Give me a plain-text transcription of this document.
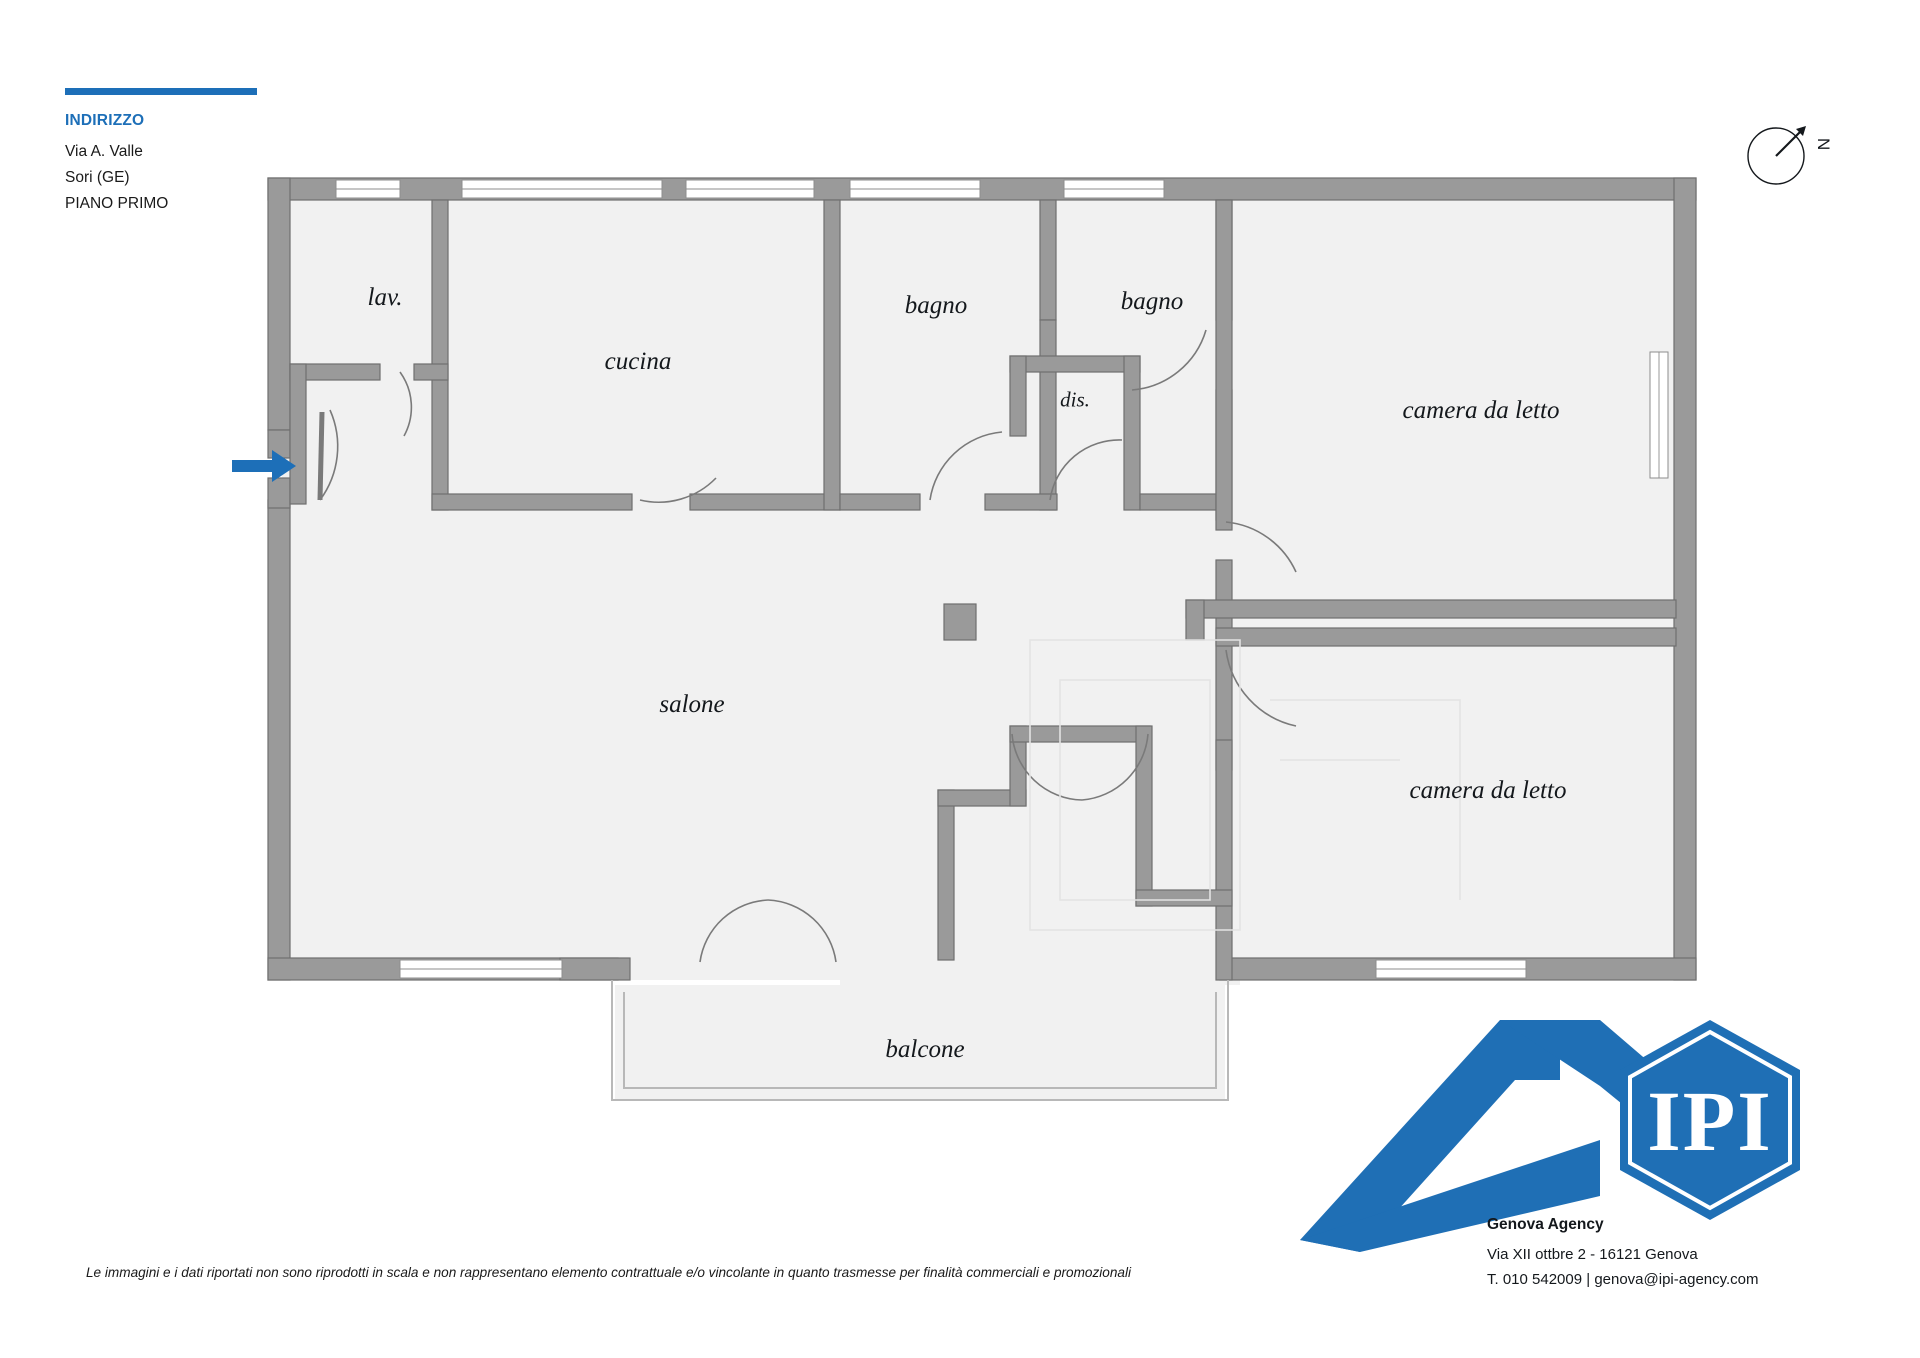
INDIRIZZO
Via A. Valle
Sori (GE)
PIANO PRIMO
N
lav.
cucina
bagno	bagno
dis.	camera da letto
camera da letto
salone
balcone
Le immagini e i dati riportati non sono riprodotti in scala e non rappresentano elemento contrattuale e/o vincolante in quanto trasmesse per finalità commerciali e promozionali
IPI
Genova Agency
Via XII ottbre 2 - 16121 Genova
T. 010 542009 | genova@ipi-agency.com
